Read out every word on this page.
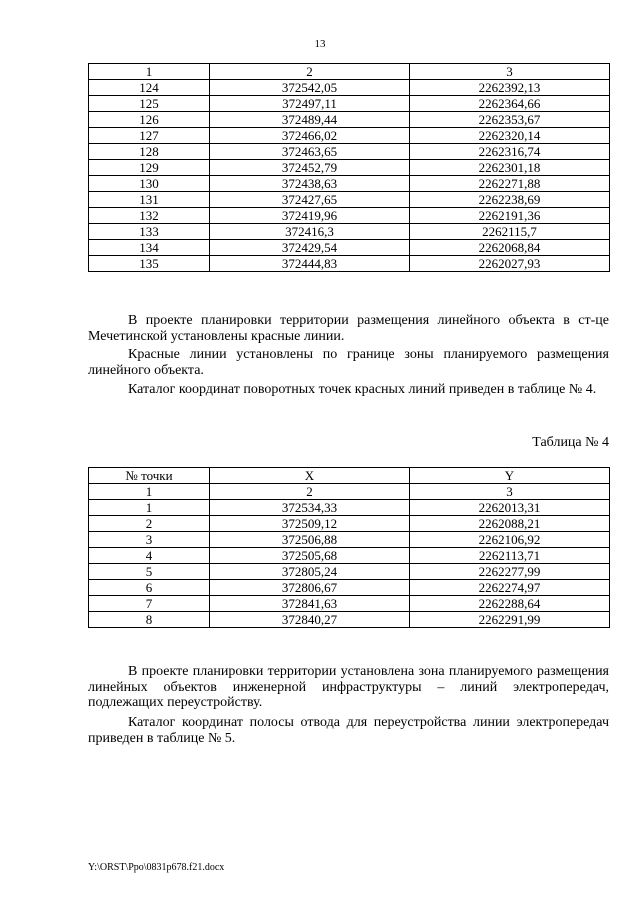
13
1	2	3
124	372542,05	2262392,13
125	372497,11	2262364,66
126	372489,44	2262353,67
127	372466,02	2262320,14
128	372463,65	2262316,74
129	372452,79	2262301,18
130	372438,63	2262271,88
131	372427,65	2262238,69
132	372419,96	2262191,36
133	372416,3	2262115,7
134	372429,54	2262068,84
135	372444,83	2262027,93

В проекте планировки территории размещения линейного объекта в ст-це Мечетинской установлены красные линии.

Красные линии установлены по границе зоны планируемого размещения линейного объекта.

Каталог координат поворотных точек красных линий приведен в таблице № 4.

Таблица № 4
№ точки	X	Y
1	2	3
1	372534,33	2262013,31
2	372509,12	2262088,21
3	372506,88	2262106,92
4	372505,68	2262113,71
5	372805,24	2262277,99
6	372806,67	2262274,97
7	372841,63	2262288,64
8	372840,27	2262291,99

В проекте планировки территории установлена зона планируемого размещения линейных объектов инженерной инфраструктуры – линий электропередач, подлежащих переустройству.

Каталог координат полосы отвода для переустройства линии электропередач приведен в таблице № 5.

Y:\ORST\Ppo\0831p678.f21.docx
